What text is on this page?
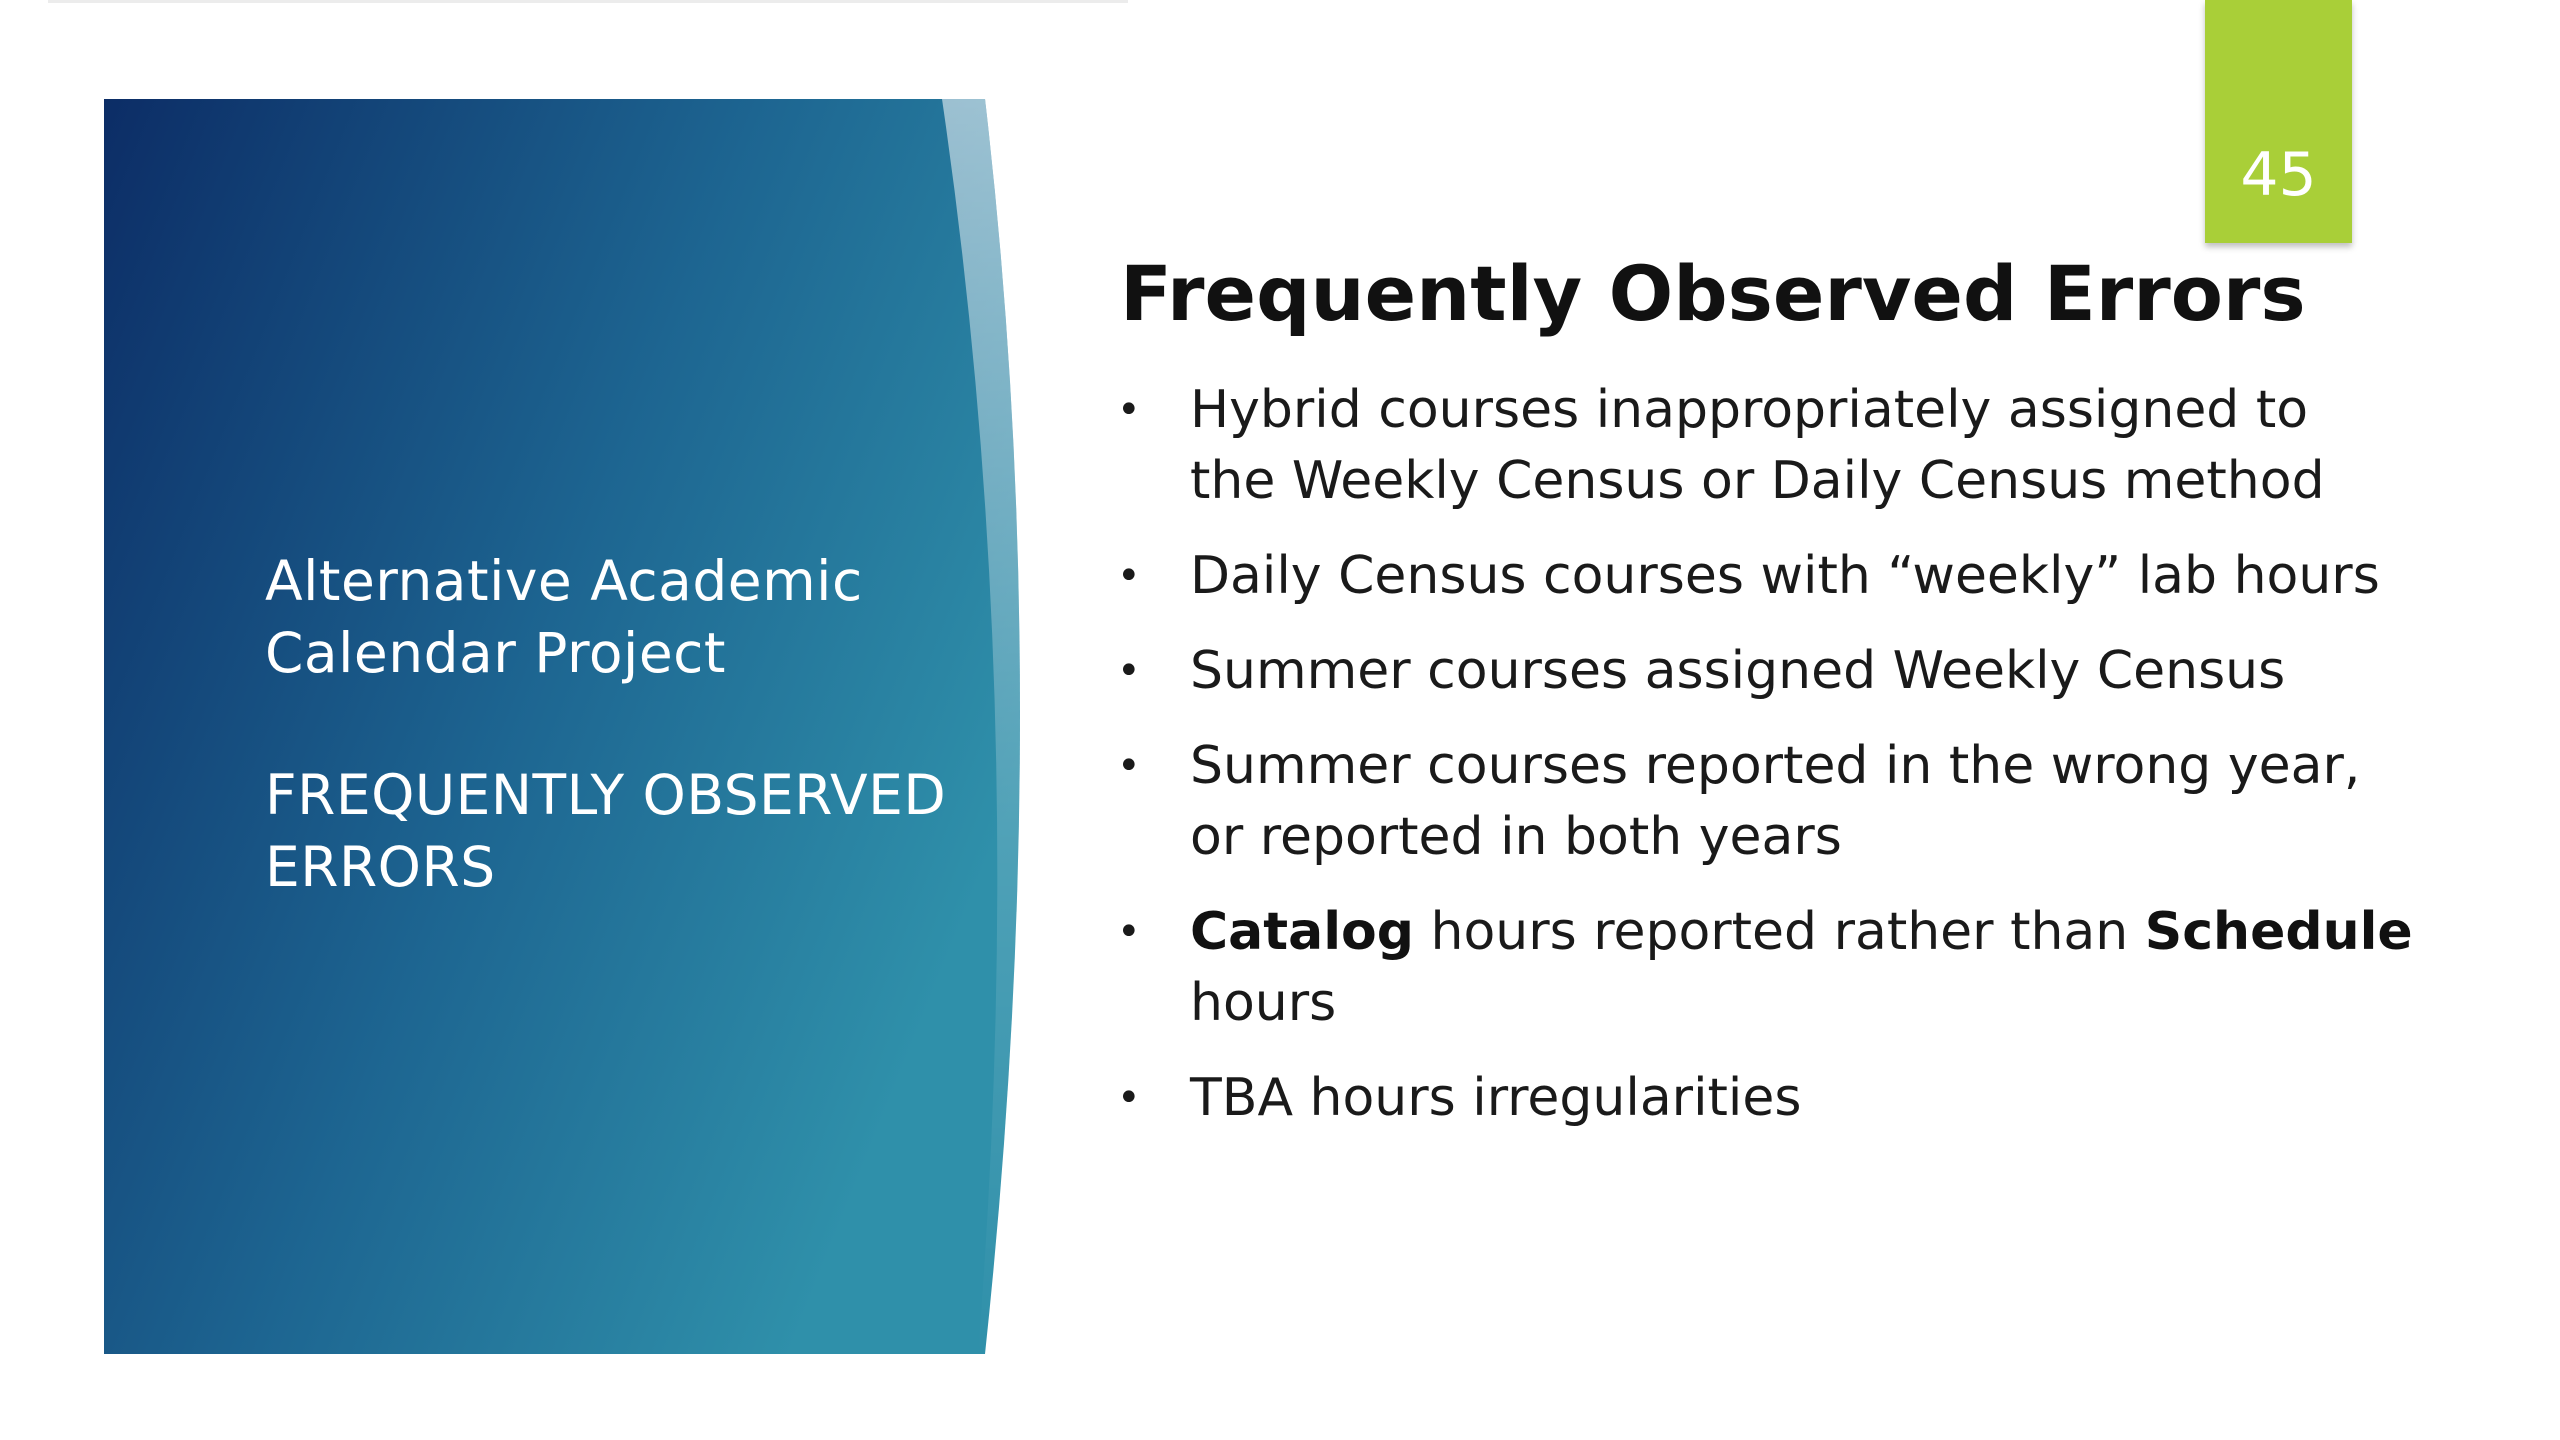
Alternative Academic
Calendar Project
FREQUENTLY OBSERVED
ERRORS
45
Frequently Observed Errors
• Hybrid courses inappropriately assigned to
the Weekly Census or Daily Census method
• Daily Census courses with “weekly” lab hours
• Summer courses assigned Weekly Census
• Summer courses reported in the wrong year,
or reported in both years
• Catalog hours reported rather than Schedule
hours
• TBA hours irregularities
